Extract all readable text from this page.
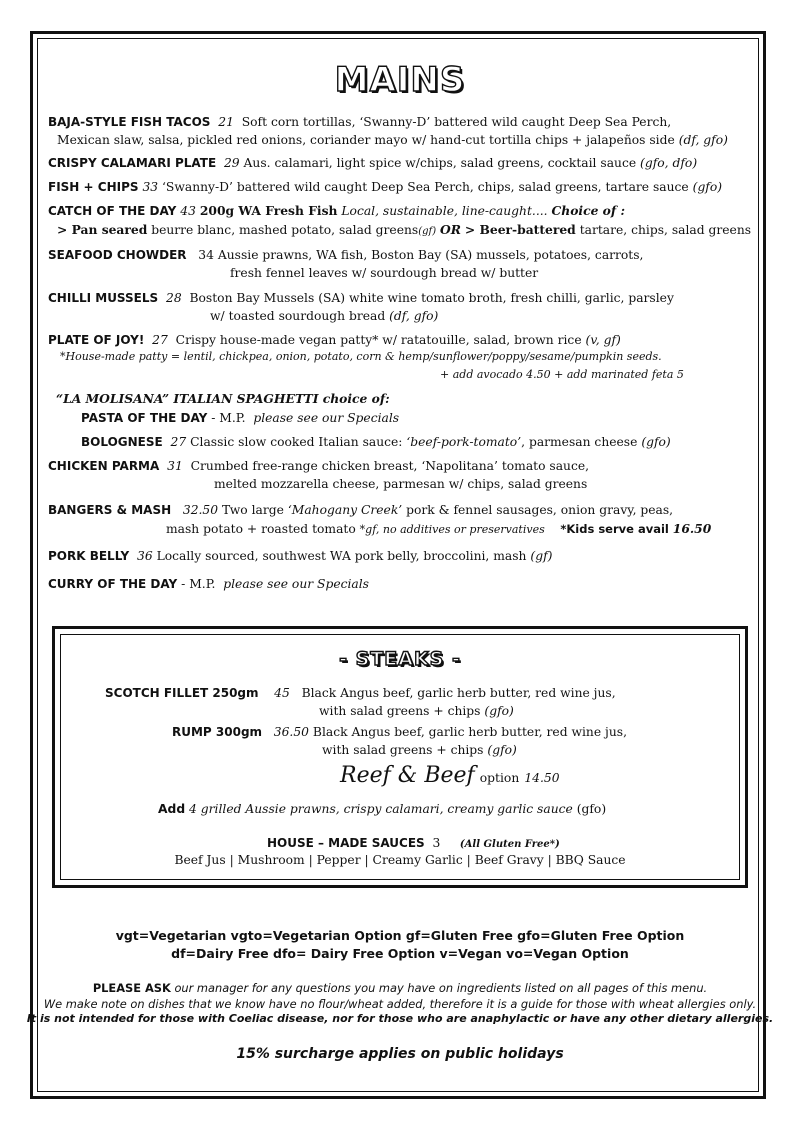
MAINS
BAJA-STYLE FISH TACOS 21 Soft corn tortillas, ‘Swanny-D’ battered wild caught Deep Sea Perch,
Mexican slaw, salsa, pickled red onions, coriander mayo w/ hand-cut tortilla chips + jalapeños side (df, gfo)
CRISPY CALAMARI PLATE 29 Aus. calamari, light spice w/chips, salad greens, cocktail sauce (gfo, dfo)
FISH + CHIPS 33 ‘Swanny-D’ battered wild caught Deep Sea Perch, chips, salad greens, tartare sauce (gfo)
CATCH OF THE DAY 43 200g WA Fresh Fish Local, sustainable, line-caught.... Choice of :
> Pan seared beurre blanc, mashed potato, salad greens(gf) OR > Beer-battered tartare, chips, salad greens
SEAFOOD CHOWDER 34 Aussie prawns, WA fish, Boston Bay (SA) mussels, potatoes, carrots,
fresh fennel leaves w/ sourdough bread w/ butter
CHILLI MUSSELS 28 Boston Bay Mussels (SA) white wine tomato broth, fresh chilli, garlic, parsley
w/ toasted sourdough bread (df, gfo)
PLATE OF JOY! 27 Crispy house-made vegan patty* w/ ratatouille, salad, brown rice (v, gf)
*House-made patty = lentil, chickpea, onion, potato, corn & hemp/sunflower/poppy/sesame/pumpkin seeds.
+ add avocado 4.50 + add marinated feta 5
“LA MOLISANA” ITALIAN SPAGHETTI choice of:
PASTA OF THE DAY - M.P. please see our Specials
BOLOGNESE 27 Classic slow cooked Italian sauce: ‘beef-pork-tomato’, parmesan cheese (gfo)
CHICKEN PARMA 31 Crumbed free-range chicken breast, ‘Napolitana’ tomato sauce,
melted mozzarella cheese, parmesan w/ chips, salad greens
BANGERS & MASH 32.50 Two large ‘Mahogany Creek’ pork & fennel sausages, onion gravy, peas,
mash potato + roasted tomato *gf, no additives or preservatives *Kids serve avail 16.50
PORK BELLY 36 Locally sourced, southwest WA pork belly, broccolini, mash (gf)
CURRY OF THE DAY - M.P. please see our Specials
- STEAKS -
SCOTCH FILLET 250gm 45 Black Angus beef, garlic herb butter, red wine jus,
with salad greens + chips (gfo)
RUMP 300gm 36.50 Black Angus beef, garlic herb butter, red wine jus,
with salad greens + chips (gfo)
Reef & Beef option 14.50
Add 4 grilled Aussie prawns, crispy calamari, creamy garlic sauce (gfo)
HOUSE – MADE SAUCES 3 (All Gluten Free*)
Beef Jus | Mushroom | Pepper | Creamy Garlic | Beef Gravy | BBQ Sauce
vgt=Vegetarian vgto=Vegetarian Option gf=Gluten Free gfo=Gluten Free Option
df=Dairy Free dfo= Dairy Free Option v=Vegan vo=Vegan Option
PLEASE ASK our manager for any questions you may have on ingredients listed on all pages of this menu.
We make note on dishes that we know have no flour/wheat added, therefore it is a guide for those with wheat allergies only.
It is not intended for those with Coeliac disease, nor for those who are anaphylactic or have any other dietary allergies.
15% surcharge applies on public holidays
